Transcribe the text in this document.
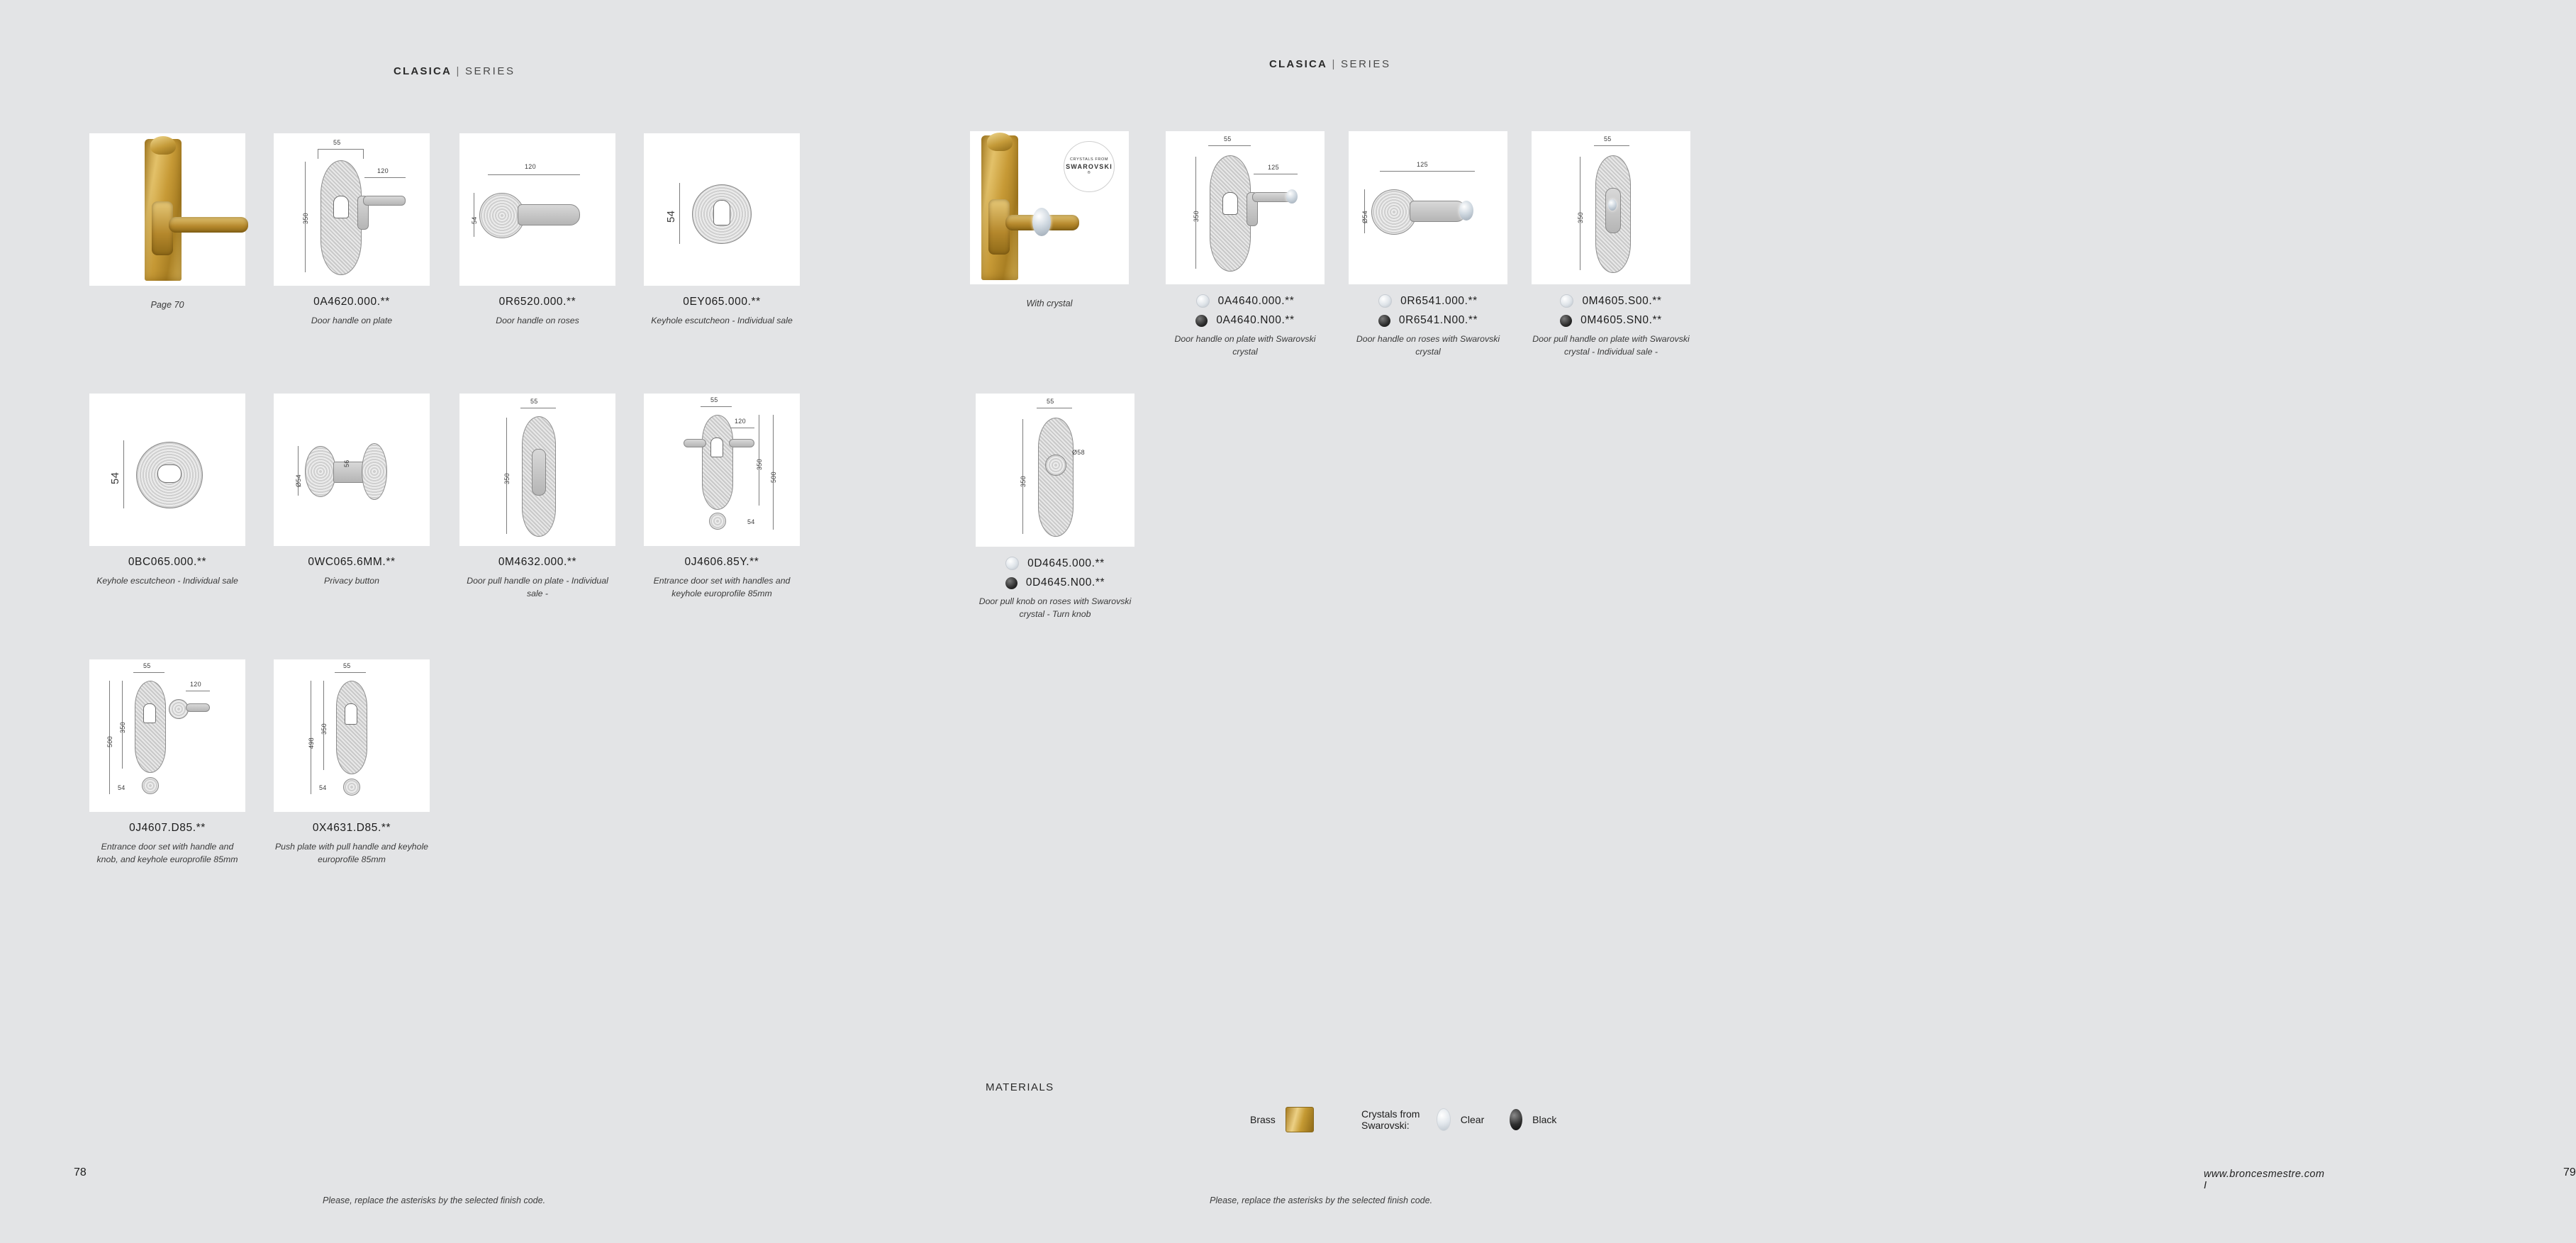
CLASICA | SERIES
Page 70
55
120
350
0A4620.000.**
Door handle on plate
120
54
0R6520.000.**
Door handle on roses
54
0EY065.000.**
Keyhole escutcheon - Individual sale
54
0BC065.000.**
Keyhole escutcheon - Individual sale
Ø54
56
0WC065.6MM.**
Privacy button
55
350
0M4632.000.**
Door pull handle on plate - Individual sale -
55
120
350
500
54
0J4606.85Y.**
Entrance door set with handles and keyhole europrofile 85mm
55
120
350
500
54
0J4607.D85.**
Entrance door set with handle and knob, and keyhole europrofile 85mm
55
350
498
54
0X4631.D85.**
Push plate with pull handle and keyhole europrofile 85mm
78
Please, replace the asterisks by the selected finish code.
CLASICA | SERIES
CRYSTALS FROM
SWAROVSKI
®
With crystal
55
125
350
0A4640.000.**
0A4640.N00.**
Door handle on plate with Swarovski crystal
125
Ø54
0R6541.000.**
0R6541.N00.**
Door handle on roses with Swarovski crystal
55
350
0M4605.S00.**
0M4605.SN0.**
Door pull handle on plate with Swarovski crystal - Individual sale -
55
Ø58
350
0D4645.000.**
0D4645.N00.**
Door pull knob on roses with Swarovski crystal - Turn knob
MATERIALS
Brass	Crystals from Swarovski:	Clear	Black
www.broncesmestre.com I
79
Please, replace the asterisks by the selected finish code.
